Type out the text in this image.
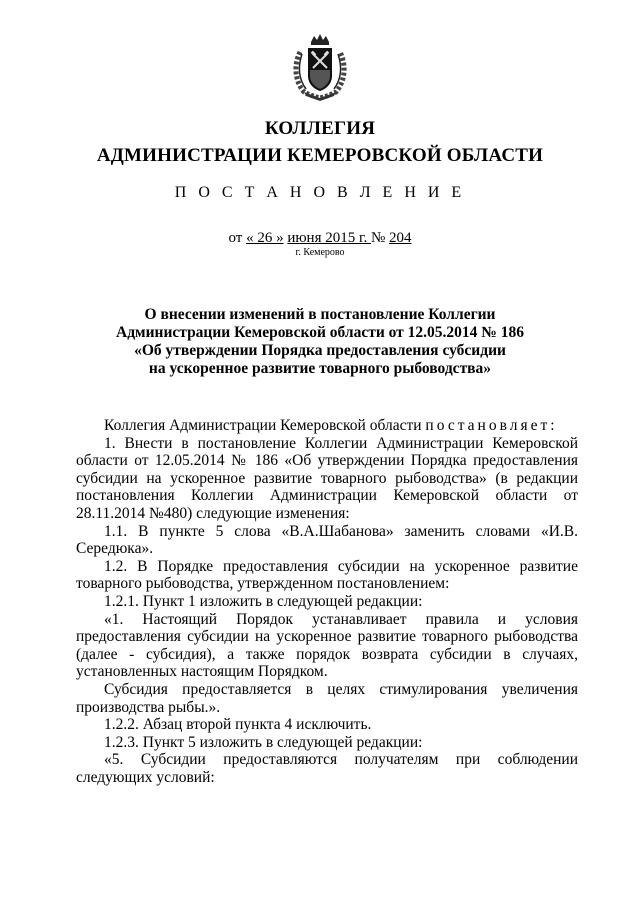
КОЛЛЕГИЯ
АДМИНИСТРАЦИИ КЕМЕРОВСКОЙ ОБЛАСТИ
П О С Т А Н О В Л Е Н И Е
от « 26 » июня 2015 г. № 204
г. Кемерово
О внесении изменений в постановление Коллегии
Администрации Кемеровской области от 12.05.2014 № 186
«Об утверждении Порядка предоставления субсидии
на ускоренное развитие товарного рыбоводства»

Коллегия Администрации Кемеровской области постановляет:

1. Внести в постановление Коллегии Администрации Кемеровской области от 12.05.2014 № 186 «Об утверждении Порядка предоставления субсидии на ускоренное развитие товарного рыбоводства» (в редакции постановления Коллегии Администрации Кемеровской области от 28.11.2014 №480) следующие изменения:

1.1. В пункте 5 слова «В.А.Шабанова» заменить словами «И.В. Середюка».

1.2. В Порядке предоставления субсидии на ускоренное развитие товарного рыбоводства, утвержденном постановлением:

1.2.1. Пункт 1 изложить в следующей редакции:

«1. Настоящий Порядок устанавливает правила и условия предоставления субсидии на ускоренное развитие товарного рыбоводства (далее - субсидия), а также порядок возврата субсидии в случаях, установленных настоящим Порядком.

Субсидия предоставляется в целях стимулирования увеличения производства рыбы.».

1.2.2. Абзац второй пункта 4 исключить.

1.2.3. Пункт 5 изложить в следующей редакции:

«5. Субсидии предоставляются получателям при соблюдении следующих условий:
